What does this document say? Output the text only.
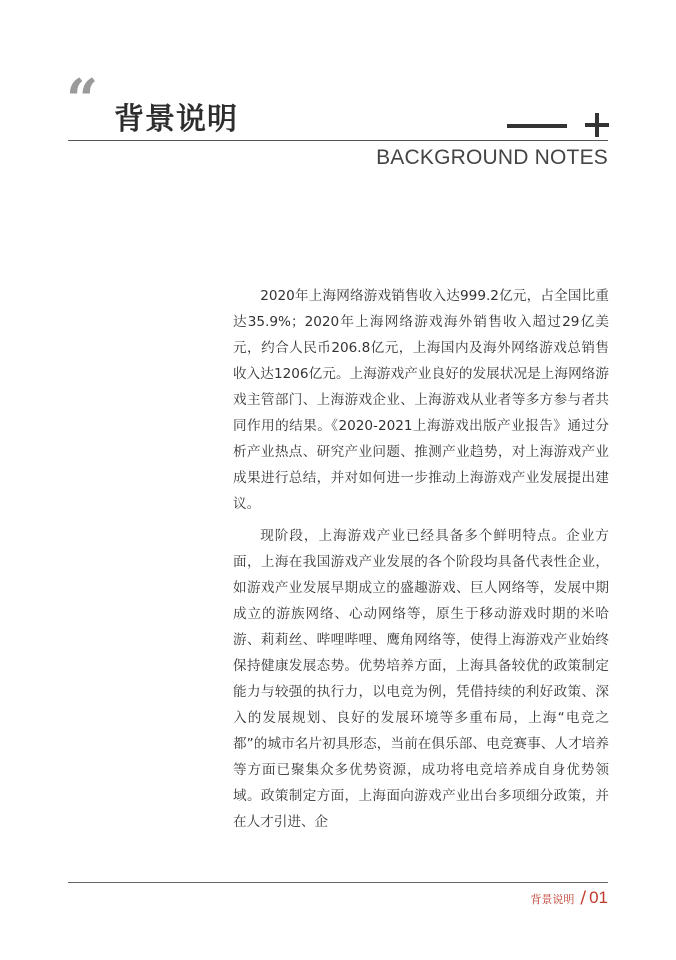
“ 背景说明
BACKGROUND NOTES

2020年上海网络游戏销售收入达999.2亿元，占全国比重达35.9%；2020年上海网络游戏海外销售收入超过29亿美元，约合人民币206.8亿元，上海国内及海外网络游戏总销售收入达1206亿元。上海游戏产业良好的发展状况是上海网络游戏主管部门、上海游戏企业、上海游戏从业者等多方参与者共同作用的结果。《2020-2021上海游戏出版产业报告》通过分析产业热点、研究产业问题、推测产业趋势，对上海游戏产业成果进行总结，并对如何进一步推动上海游戏产业发展提出建议。

现阶段，上海游戏产业已经具备多个鲜明特点。企业方面，上海在我国游戏产业发展的各个阶段均具备代表性企业，如游戏产业发展早期成立的盛趣游戏、巨人网络等，发展中期成立的游族网络、心动网络等，原生于移动游戏时期的米哈游、莉莉丝、哔哩哔哩、鹰角网络等，使得上海游戏产业始终保持健康发展态势。优势培养方面，上海具备较优的政策制定能力与较强的执行力，以电竞为例，凭借持续的利好政策、深入的发展规划、良好的发展环境等多重布局，上海“电竞之都”的城市名片初具形态，当前在俱乐部、电竞赛事、人才培养等方面已聚集众多优势资源，成功将电竞培养成自身优势领域。政策制定方面，上海面向游戏产业出台多项细分政策，并在人才引进、企

背景说明 / 01
